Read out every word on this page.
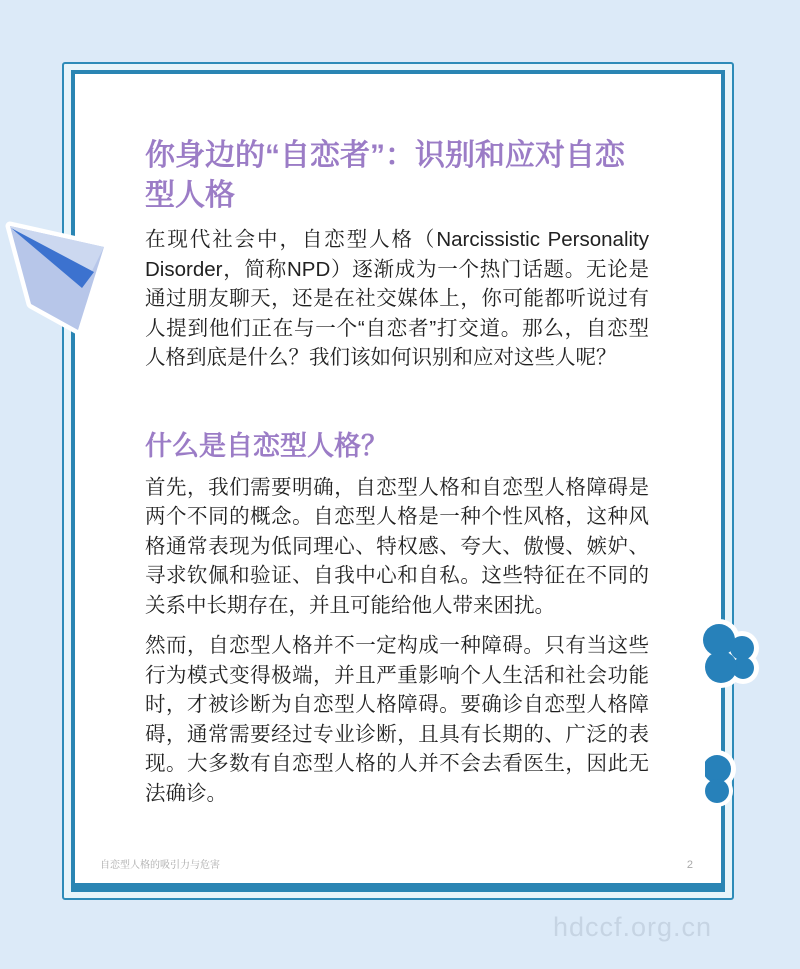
你身边的“自恋者”：识别和应对自恋型人格

在现代社会中，自恋型人格（Narcissistic Personality Disorder，简称NPD）逐渐成为一个热门话题。无论是通过朋友聊天，还是在社交媒体上，你可能都听说过有人提到他们正在与一个“自恋者”打交道。那么，自恋型人格到底是什么？我们该如何识别和应对这些人呢？

什么是自恋型人格？

首先，我们需要明确，自恋型人格和自恋型人格障碍是两个不同的概念。自恋型人格是一种个性风格，这种风格通常表现为低同理心、特权感、夸大、傲慢、嫉妒、寻求钦佩和验证、自我中心和自私。这些特征在不同的关系中长期存在，并且可能给他人带来困扰。

然而，自恋型人格并不一定构成一种障碍。只有当这些行为模式变得极端，并且严重影响个人生活和社会功能时，才被诊断为自恋型人格障碍。要确诊自恋型人格障碍，通常需要经过专业诊断，且具有长期的、广泛的表现。大多数有自恋型人格的人并不会去看医生，因此无法确诊。

自恋型人格的吸引力与危害	2
hdccf.org.cn
